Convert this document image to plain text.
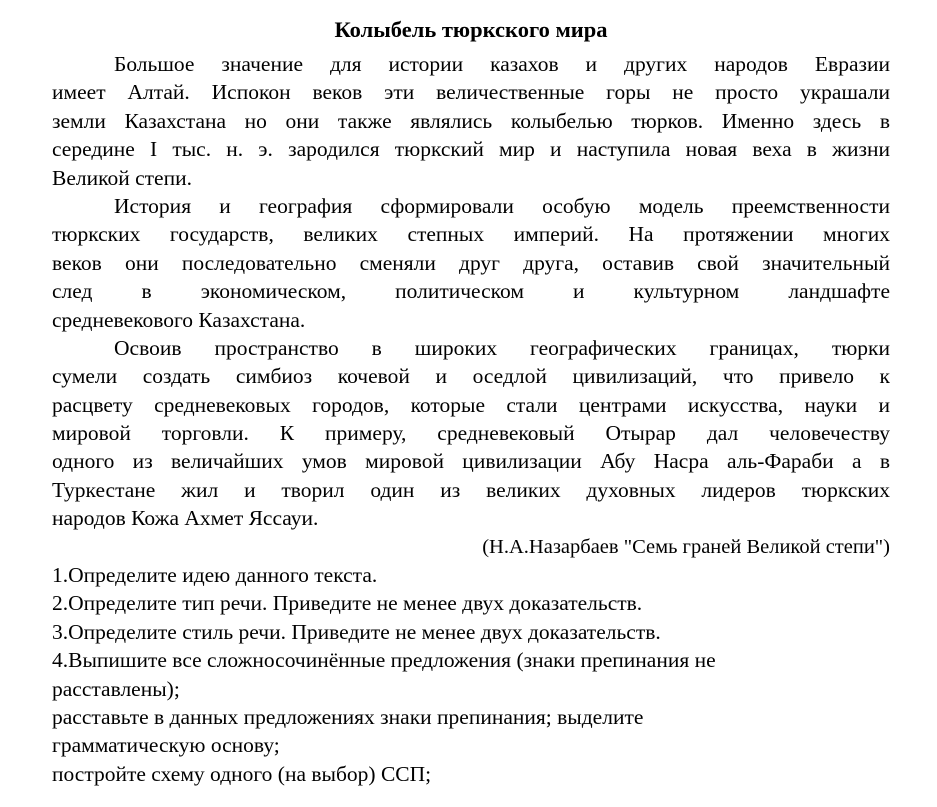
Колыбель тюркского мира
Большое значение для истории казахов и других народов Евразии
имеет Алтай. Испокон веков эти величественные горы не просто украшали
земли Казахстана но они также являлись колыбелью тюрков. Именно здесь в
середине I тыс. н. э. зародился тюркский мир и наступила новая веха в жизни
Великой степи.
История и география сформировали особую модель преемственности
тюркских государств, великих степных империй. На протяжении многих
веков они последовательно сменяли друг друга, оставив свой значительный
след в экономическом, политическом и культурном ландшафте
средневекового Казахстана.
Освоив пространство в широких географических границах, тюрки
сумели создать симбиоз кочевой и оседлой цивилизаций, что привело к
расцвету средневековых городов, которые стали центрами искусства, науки и
мировой торговли. К примеру, средневековый Отырар дал человечеству
одного из величайших умов мировой цивилизации Абу Насра аль-Фараби а в
Туркестане жил и творил один из великих духовных лидеров тюркских
народов Кожа Ахмет Яссауи.
(Н.А.Назарбаев "Семь граней Великой степи")
1.Определите идею данного текста.
2.Определите тип речи. Приведите не менее двух доказательств.
3.Определите стиль речи. Приведите не менее двух доказательств.
4.Выпишите все сложносочинённые предложения (знаки препинания не
расставлены);
расставьте в данных предложениях знаки препинания; выделите
грамматическую основу;
постройте схему одного (на выбор) ССП;
